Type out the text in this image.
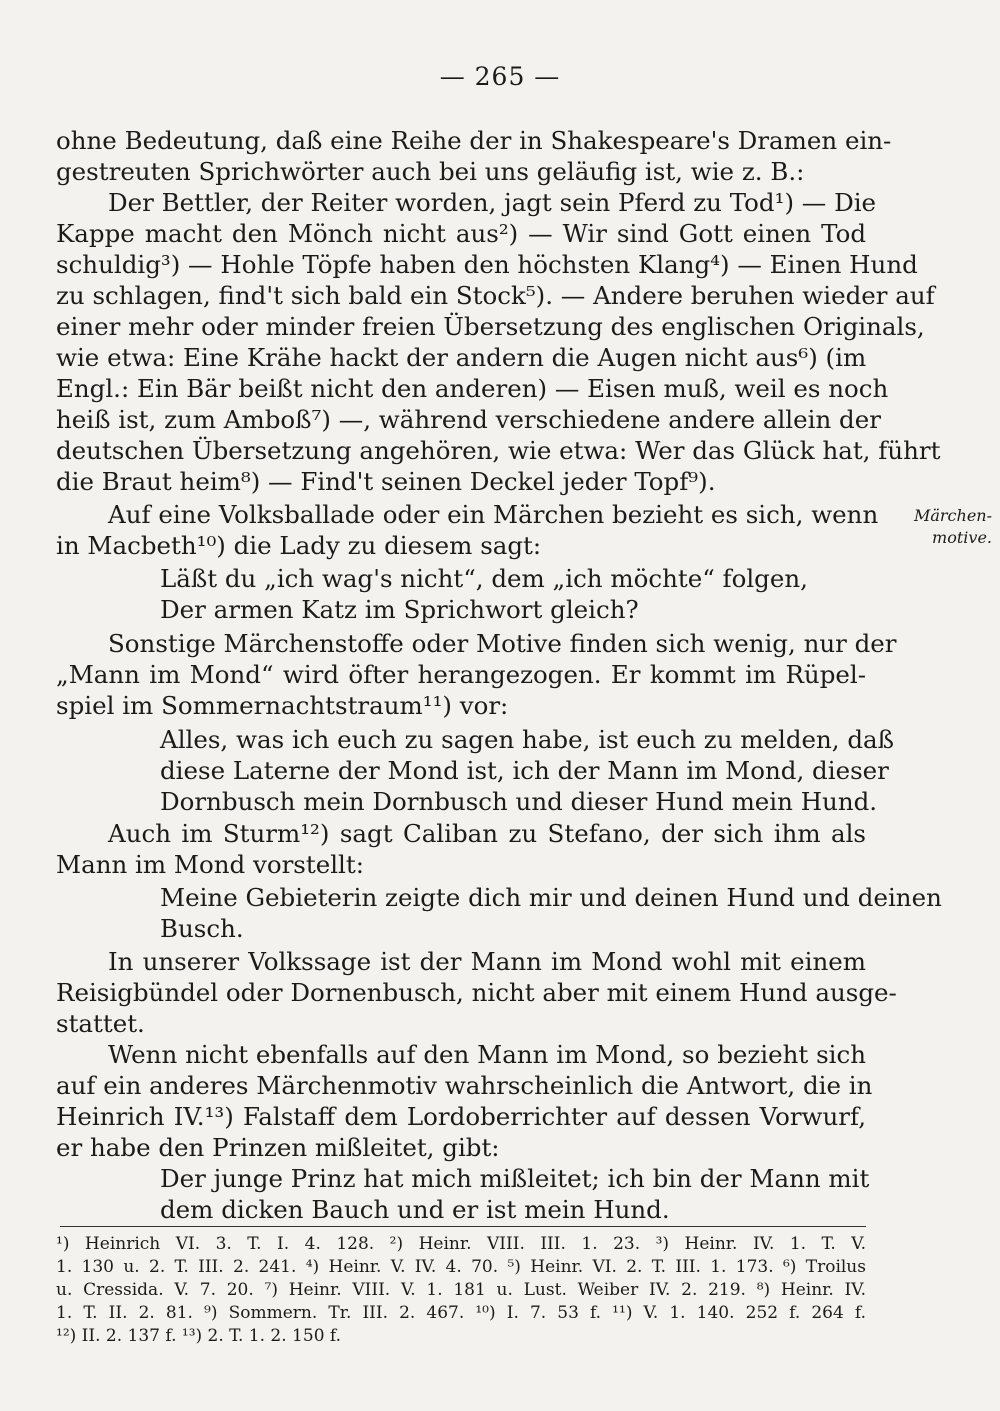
— 265 —
ohne Bedeutung, daß eine Reihe der in Shakespeare's Dramen ein-
gestreuten Sprichwörter auch bei uns geläufig ist, wie z. B.:
Der Bettler, der Reiter worden, jagt sein Pferd zu Tod¹) — Die
Kappe macht den Mönch nicht aus²) — Wir sind Gott einen Tod
schuldig³) — Hohle Töpfe haben den höchsten Klang⁴) — Einen Hund
zu schlagen, find't sich bald ein Stock⁵). — Andere beruhen wieder auf
einer mehr oder minder freien Übersetzung des englischen Originals,
wie etwa: Eine Krähe hackt der andern die Augen nicht aus⁶) (im
Engl.: Ein Bär beißt nicht den anderen) — Eisen muß, weil es noch
heiß ist, zum Amboß⁷) —, während verschiedene andere allein der
deutschen Übersetzung angehören, wie etwa: Wer das Glück hat, führt
die Braut heim⁸) — Find't seinen Deckel jeder Topf⁹).
Auf eine Volksballade oder ein Märchen bezieht es sich, wenn
in Macbeth¹⁰) die Lady zu diesem sagt:
Läßt du „ich wag's nicht“, dem „ich möchte“ folgen,
Der armen Katz im Sprichwort gleich?
Sonstige Märchenstoffe oder Motive finden sich wenig, nur der
„Mann im Mond“ wird öfter herangezogen. Er kommt im Rüpel-
spiel im Sommernachtstraum¹¹) vor:
Alles, was ich euch zu sagen habe, ist euch zu melden, daß
diese Laterne der Mond ist, ich der Mann im Mond, dieser
Dornbusch mein Dornbusch und dieser Hund mein Hund.
Auch im Sturm¹²) sagt Caliban zu Stefano, der sich ihm als
Mann im Mond vorstellt:
Meine Gebieterin zeigte dich mir und deinen Hund und deinen
Busch.
In unserer Volkssage ist der Mann im Mond wohl mit einem
Reisigbündel oder Dornenbusch, nicht aber mit einem Hund ausge-
stattet.
Wenn nicht ebenfalls auf den Mann im Mond, so bezieht sich
auf ein anderes Märchenmotiv wahrscheinlich die Antwort, die in
Heinrich IV.¹³) Falstaff dem Lordoberrichter auf dessen Vorwurf,
er habe den Prinzen mißleitet, gibt:
Märchen-
motive.
Der junge Prinz hat mich mißleitet; ich bin der Mann mit
dem dicken Bauch und er ist mein Hund.
¹) Heinrich VI. 3. T. I. 4. 128. ²) Heinr. VIII. III. 1. 23. ³) Heinr. IV. 1. T. V.
1. 130 u. 2. T. III. 2. 241. ⁴) Heinr. V. IV. 4. 70. ⁵) Heinr. VI. 2. T. III. 1. 173. ⁶) Troilus
u. Cressida. V. 7. 20. ⁷) Heinr. VIII. V. 1. 181 u. Lust. Weiber IV. 2. 219. ⁸) Heinr. IV.
1. T. II. 2. 81. ⁹) Sommern. Tr. III. 2. 467. ¹⁰) I. 7. 53 f. ¹¹) V. 1. 140. 252 f. 264 f.
¹²) II. 2. 137 f. ¹³) 2. T. 1. 2. 150 f.
